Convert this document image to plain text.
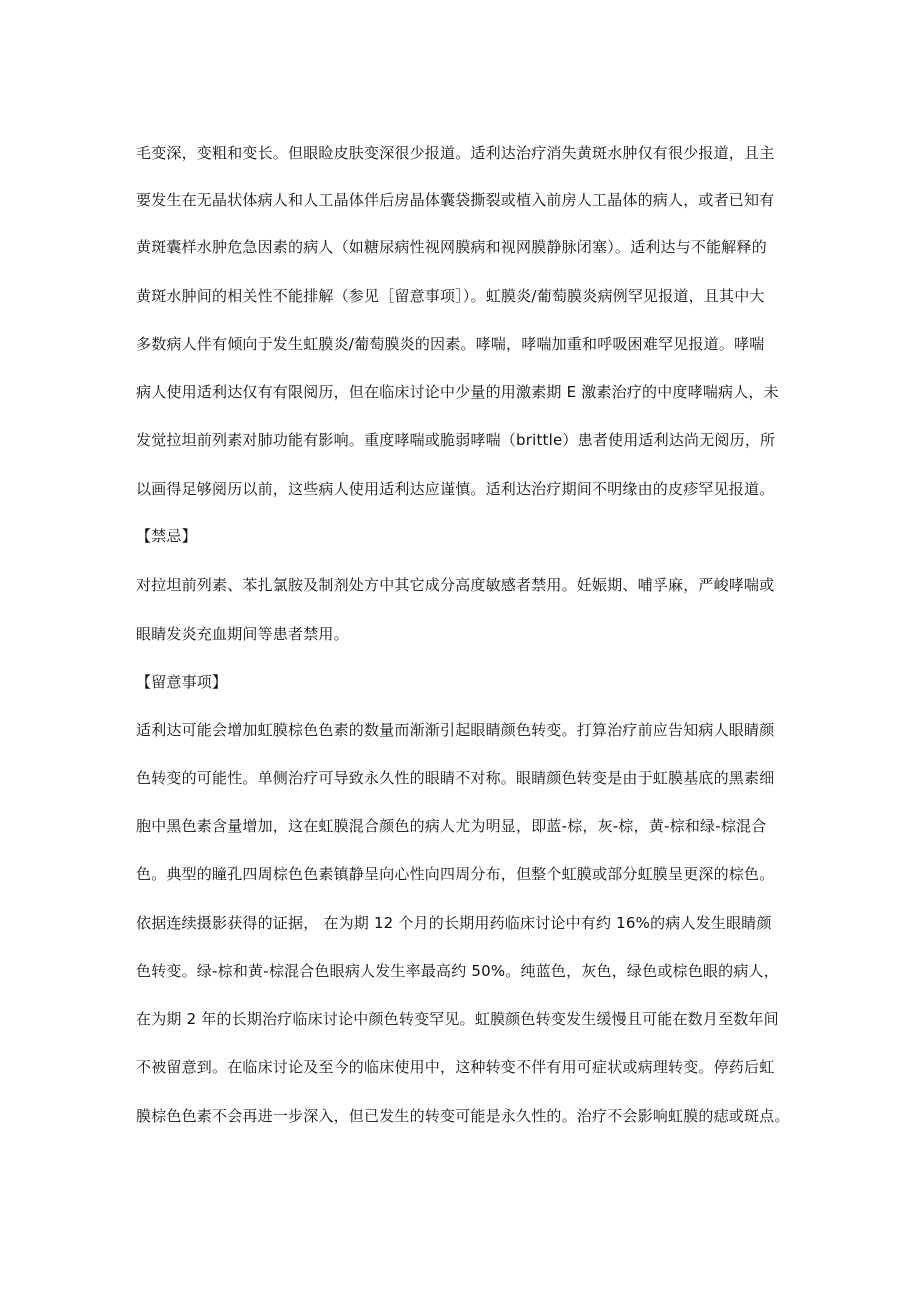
毛变深，变粗和变长。但眼睑皮肤变深很少报道。适利达治疗消失黄斑水肿仅有很少报道，且主
要发生在无晶状体病人和人工晶体伴后房晶体囊袋撕裂或植入前房人工晶体的病人，或者已知有
黄斑囊样水肿危急因素的病人（如糖尿病性视网膜病和视网膜静脉闭塞）。适利达与不能解释的
黄斑水肿间的相关性不能排解（参见［留意事项］）。虹膜炎/葡萄膜炎病例罕见报道，且其中大
多数病人伴有倾向于发生虹膜炎/葡萄膜炎的因素。哮喘，哮喘加重和呼吸困难罕见报道。哮喘
病人使用适利达仅有有限阅历，但在临床讨论中少量的用激素期 E 激素治疗的中度哮喘病人，未
发觉拉坦前列素对肺功能有影响。重度哮喘或脆弱哮喘（brittle）患者使用适利达尚无阅历，所
以画得足够阅历以前，这些病人使用适利达应谨慎。适利达治疗期间不明缘由的皮疹罕见报道。
【禁忌】
对拉坦前列素、苯扎氯胺及制剂处方中其它成分高度敏感者禁用。妊娠期、哺孚麻，严峻哮喘或
眼睛发炎充血期间等患者禁用。
【留意事项】
适利达可能会增加虹膜棕色色素的数量而渐渐引起眼睛颜色转变。打算治疗前应告知病人眼睛颜
色转变的可能性。单侧治疗可导致永久性的眼睛不对称。眼睛颜色转变是由于虹膜基底的黑素细
胞中黑色素含量增加，这在虹膜混合颜色的病人尤为明显，即蓝-棕，灰-棕，黄-棕和绿-棕混合
色。典型的瞳孔四周棕色色素镇静呈向心性向四周分布，但整个虹膜或部分虹膜呈更深的棕色。
依据连续摄影获得的证据， 在为期 12 个月的长期用药临床讨论中有约 16%的病人发生眼睛颜
色转变。绿-棕和黄-棕混合色眼病人发生率最高约 50%。纯蓝色，灰色，绿色或棕色眼的病人，
在为期 2 年的长期治疗临床讨论中颜色转变罕见。虹膜颜色转变发生缓慢且可能在数月至数年间
不被留意到。在临床讨论及至今的临床使用中，这种转变不伴有用可症状或病理转变。停药后虹
膜棕色色素不会再进一步深入，但已发生的转变可能是永久性的。治疗不会影响虹膜的痣或斑点。
